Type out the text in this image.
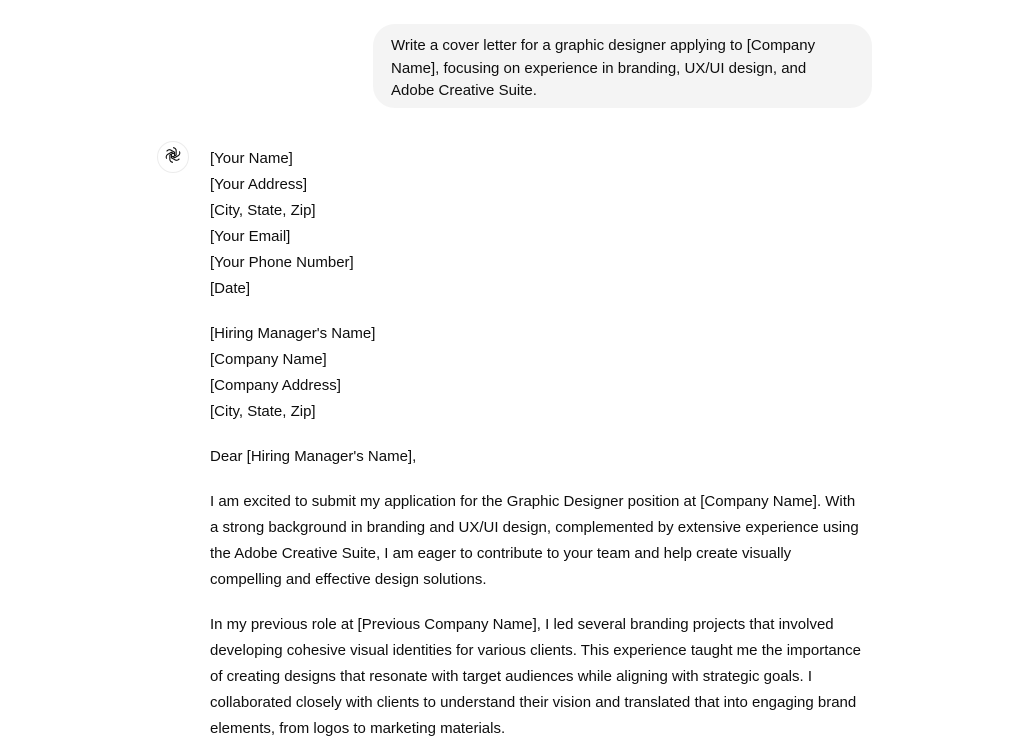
Write a cover letter for a graphic designer applying to [Company
Name], focusing on experience in branding, UX/UI design, and
Adobe Creative Suite.

[Your Name]
[Your Address]
[City, State, Zip]
[Your Email]
[Your Phone Number]
[Date]
[Hiring Manager's Name]
[Company Name]
[Company Address]
[City, State, Zip]
Dear [Hiring Manager's Name],
I am excited to submit my application for the Graphic Designer position at [Company Name]. With
a strong background in branding and UX/UI design, complemented by extensive experience using
the Adobe Creative Suite, I am eager to contribute to your team and help create visually
compelling and effective design solutions.
In my previous role at [Previous Company Name], I led several branding projects that involved
developing cohesive visual identities for various clients. This experience taught me the importance
of creating designs that resonate with target audiences while aligning with strategic goals. I
collaborated closely with clients to understand their vision and translated that into engaging brand
elements, from logos to marketing materials.
